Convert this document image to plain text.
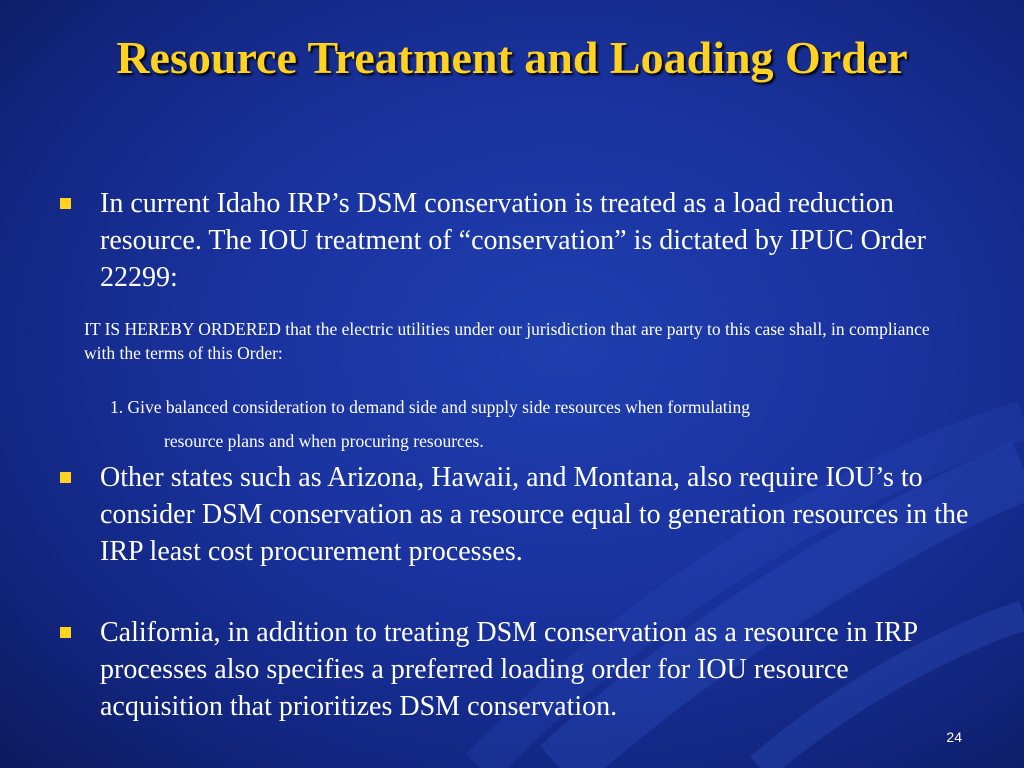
Resource Treatment and Loading Order
In current Idaho IRP’s DSM conservation is treated as a load reduction resource. The IOU treatment of “conservation” is dictated by IPUC Order 22299:
IT IS HEREBY ORDERED that the electric utilities under our jurisdiction that are party to this case shall, in compliance with the terms of this Order:
1. Give balanced consideration to demand side and supply side resources when formulating
resource plans and when procuring resources.
Other states such as Arizona, Hawaii, and Montana, also require IOU’s to consider DSM conservation as a resource equal to generation resources in the IRP least cost procurement processes.
California, in addition to treating DSM conservation as a resource in IRP processes also specifies a preferred loading order for IOU resource acquisition that prioritizes DSM conservation.
24
